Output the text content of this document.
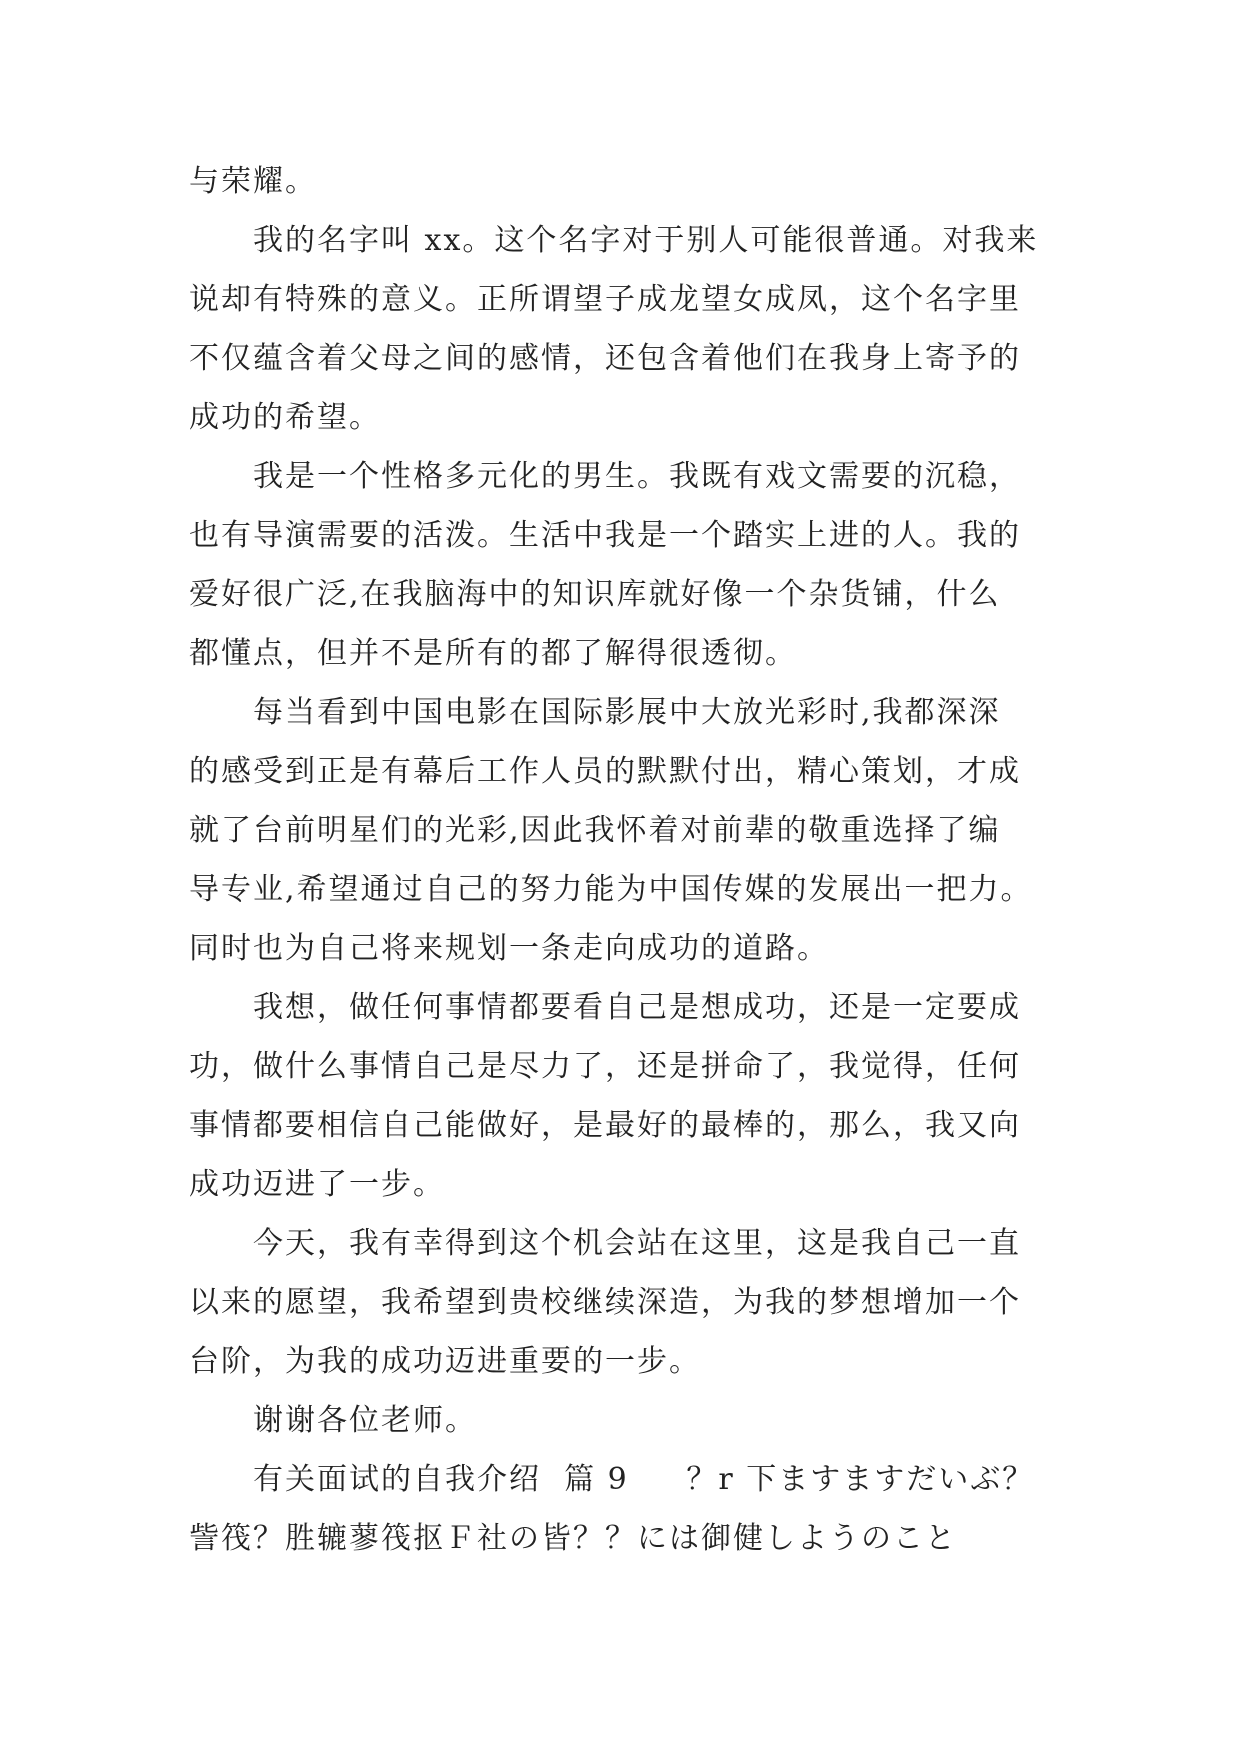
与荣耀。

我的名字叫 xx。这个名字对于别人可能很普通。对我来

说却有特殊的意义。正所谓望子成龙望女成凤，这个名字里

不仅蕴含着父母之间的感情，还包含着他们在我身上寄予的

成功的希望。

我是一个性格多元化的男生。我既有戏文需要的沉稳，

也有导演需要的活泼。生活中我是一个踏实上进的人。我的

爱好很广泛,在我脑海中的知识库就好像一个杂货铺，什么

都懂点，但并不是所有的都了解得很透彻。

每当看到中国电影在国际影展中大放光彩时,我都深深

的感受到正是有幕后工作人员的默默付出，精心策划，才成

就了台前明星们的光彩,因此我怀着对前辈的敬重选择了编

导专业,希望通过自己的努力能为中国传媒的发展出一把力。

同时也为自己将来规划一条走向成功的道路。

我想，做任何事情都要看自己是想成功，还是一定要成

功，做什么事情自己是尽力了，还是拼命了，我觉得，任何

事情都要相信自己能做好，是最好的最棒的，那么，我又向

成功迈进了一步。

今天，我有幸得到这个机会站在这里，这是我自己一直

以来的愿望，我希望到贵校继续深造，为我的梦想增加一个

台阶，为我的成功迈进重要的一步。

谢谢各位老师。

有关面试的自我介绍  篇 9     ？r 下ますますだいぶ？

訾筏？胜辘蓼筏抠Ｆ社の皆？？には御健しようのこと
